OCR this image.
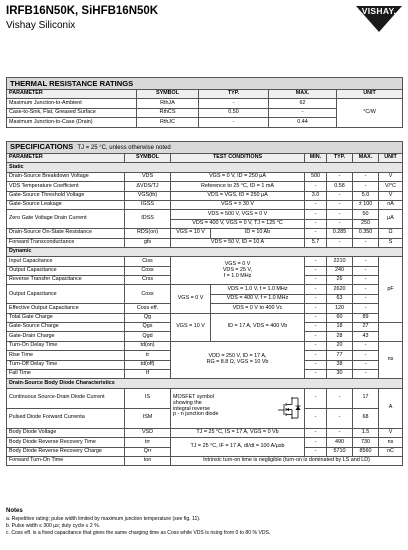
IRFB16N50K, SiHFB16N50K
Vishay Siliconix
VISHAY.
THERMAL RESISTANCE RATINGS				
PARAMETER	SYMBOL	TYP.	MAX.	UNIT
Maximum Junction-to-Ambient	RthJA	-	62	°C/W
Case-to-Sink, Flat, Greased Surface	RthCS	0.50	-	
Maximum Junction-to-Case (Drain)	RthJC	-	0.44	
SPECIFICATIONS TJ = 25 °C, unless otherwise noted								
PARAMETER	SYMBOL	TEST CONDITIONS		MIN.	TYP.	MAX.	UNIT	
Static								
Drain-Source Breakdown Voltage	VDS	VGS = 0 V, ID = 250 µA		500	-	-	V	
VDS Temperature Coefficient	ΔVDS/TJ	Reference to 25 °C, ID = 1 mA		-	0.58	-	V/°C	
Gate-Source Threshold Voltage	VGS(th)	VDS = VGS, ID = 250 µA		3.0	-	5.0	V	
Gate-Source Leakage	IGSS	VGS = ± 30 V		-	-	± 100	nA	
Zero Gate Voltage Drain Current	IDSS	VDS = 500 V, VGS = 0 V		-	-	50	µA	
		VDS = 400 V, VGS = 0 V, TJ = 125 °C		-	-	250		
Drain-Source On-State Resistance	RDS(on)	VGS = 10 V	ID = 10 Ab	-	0.285	0.350	Ω	
Forward Transconductance	gfs	VDS = 50 V, ID = 10 A		5.7	-	-	S	
Dynamic								
Input Capacitance	Ciss	VGS = 0 V
VDS = 25 V,
f = 1.0 MHz		-	2210	-	pF	
Output Capacitance	Coss			-	240	-		
Reverse Transfer Capacitance	Crss			-	26	-		
Output Capacitance	Coss	VGS = 0 V	VDS = 1.0 V, f = 1.0 MHz	-	2620	-		
			VDS = 400 V, f = 1.0 MHz	-	63	-		
Effective Output Capacitance	Coss eff.		VDS = 0 V to 400 Vc	-	120	-		
Total Gate Charge	Qg	VGS = 10 V	ID = 17 A, VDS = 400 Vb	-	60	89	
Gate-Source Charge	Qgs			-	18	27		
Gate-Drain Charge	Qgd			-	28	43		
Turn-On Delay Time	td(on)	VDD = 250 V, ID = 17 A,
RG = 8.8 Ω, VGS = 10 Vb		-	20	-	ns	
Rise Time	tr			-	77	-		
Turn-Off Delay Time	td(off)			-	38	-		
Fall Time	tf			-	30	-		
Drain-Source Body Diode Characteristics								
Continuous Source-Drain Diode Current	IS	MOSFET symbol
showing the
integral reverse
p - n junction diode		-	-	17	A	
Pulsed Diode Forward Currenta	ISM			-	-	68		
Body Diode Voltage	VSD	TJ = 25 °C, IS = 17 A, VGS = 0 Vb		-	-	1.5	V	
Body Diode Reverse Recovery Time	trr	TJ = 25 °C, IF = 17 A, dI/dt = 100 A/µsb		-	490	730	ns	
Body Diode Reverse Recovery Charge	Qrr			-	5710	8560	nC	
Forward Turn-On Time	ton	Intrinsic turn-on time is negligible (turn-on is dominated by LS and LD)						
Notes
a. Repetitive rating; pulse width limited by maximum junction temperature (see fig. 11).
b. Pulse width ≤ 300 µs; duty cycle ≤ 2 %.
c. Coss eff. is a fixed capacitance that gives the same charging time as Coss while VDS is rising from 0 to 80 % VDS.
